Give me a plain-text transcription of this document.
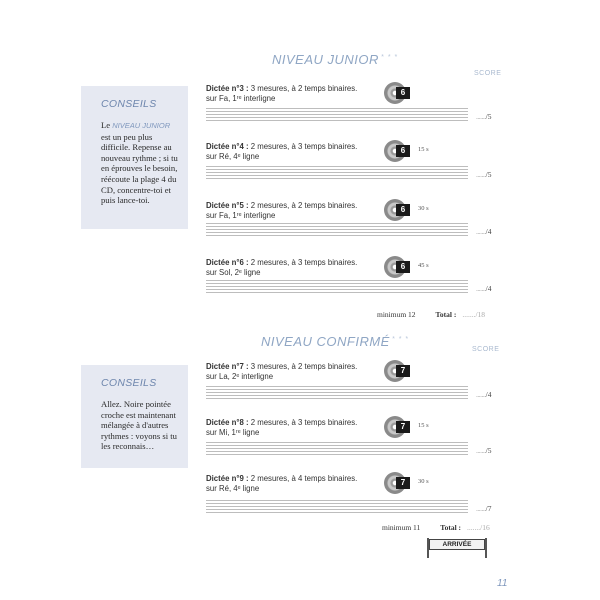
NIVEAU JUNIOR * * *
SCORE
CONSEILS
Le NIVEAU JUNIOR est un peu plus difficile. Repense au nouveau rythme ; si tu en éprouves le besoin, réécoute la plage 4 du CD, concentre-toi et puis lance-toi.
Dictée n°3 : 3 mesures, à 2 temps binaires.
sur Fa, 1ʳᵉ interligne
6
......./5
Dictée n°4 : 2 mesures, à 3 temps binaires.
sur Ré, 4ᵉ ligne
6	15 s
......./5
Dictée n°5 : 2 mesures, à 2 temps binaires.
sur Fa, 1ʳᵉ interligne
6	30 s
......./4
Dictée n°6 : 2 mesures, à 3 temps binaires.
sur Sol, 2ᵉ ligne
6	45 s
......./4
minimum 12	Total : ......./18
NIVEAU CONFIRMÉ * * *
SCORE
CONSEILS
Allez. Noire pointée croche est maintenant mélangée à d'autres rythmes : voyons si tu les reconnais…
Dictée n°7 : 3 mesures, à 2 temps binaires.
sur La, 2ᵉ interligne
7
......./4
Dictée n°8 : 2 mesures, à 3 temps binaires.
sur Mi, 1ʳᵉ ligne
7	15 s
......./5
Dictée n°9 : 2 mesures, à 4 temps binaires.
sur Ré, 4ᵉ ligne
7	30 s
......./7
minimum 11	Total : ......./16
ARRIVÉE
11
